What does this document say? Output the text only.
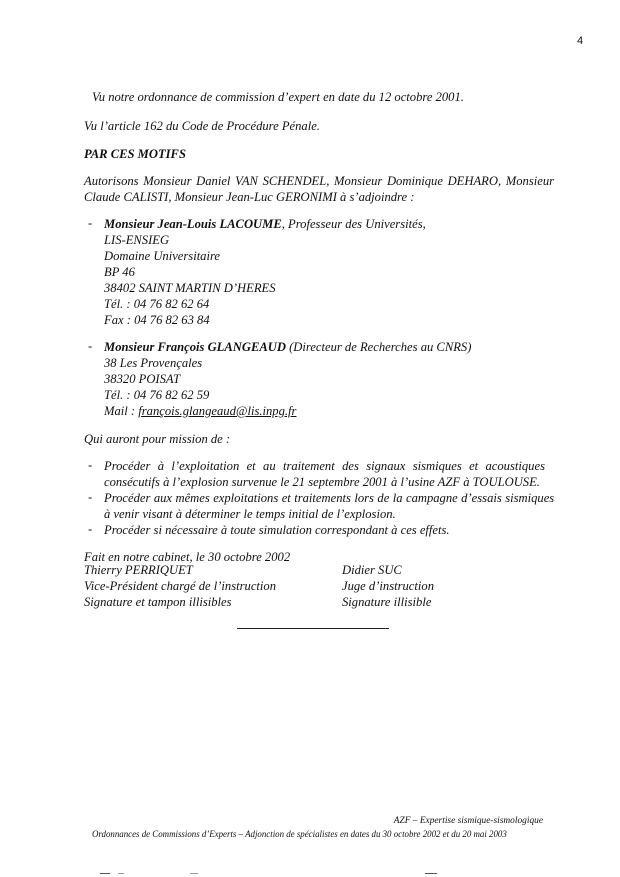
4
Vu notre ordonnance de commission d’expert en date du 12 octobre 2001.
Vu l’article 162 du Code de Procédure Pénale.
PAR CES MOTIFS
Autorisons Monsieur Daniel VAN SCHENDEL, Monsieur Dominique DEHARO, Monsieur
Claude CALISTI, Monsieur Jean-Luc GERONIMI à s’adjoindre :
- Monsieur Jean-Louis LACOUME, Professeur des Universités,
LIS-ENSIEG
Domaine Universitaire
BP 46
38402 SAINT MARTIN D’HERES
Tél. : 04 76 82 62 64
Fax : 04 76 82 63 84
- Monsieur François GLANGEAUD (Directeur de Recherches au CNRS)
38 Les Provençales
38320 POISAT
Tél. : 04 76 82 62 59
Mail : françois.glangeaud@lis.inpg.fr
Qui auront pour mission de :
- Procéder à l’exploitation et au traitement des signaux sismiques et acoustiques
consécutifs à l’explosion survenue le 21 septembre 2001 à l’usine AZF à TOULOUSE.
- Procéder aux mêmes exploitations et traitements lors de la campagne d’essais sismiques
à venir visant à déterminer le temps initial de l’explosion.
- Procéder si nécessaire à toute simulation correspondant à ces effets.
Fait en notre cabinet, le 30 octobre 2002
Thierry PERRIQUET
Vice-Président chargé de l’instruction
Signature et tampon illisibles
Didier SUC
Juge d’instruction
Signature illisible
AZF – Expertise sismique-sismologique
Ordonnances de Commissions d’Experts – Adjonction de spécialistes en dates du 30 octobre 2002 et du 20 mai 2003
